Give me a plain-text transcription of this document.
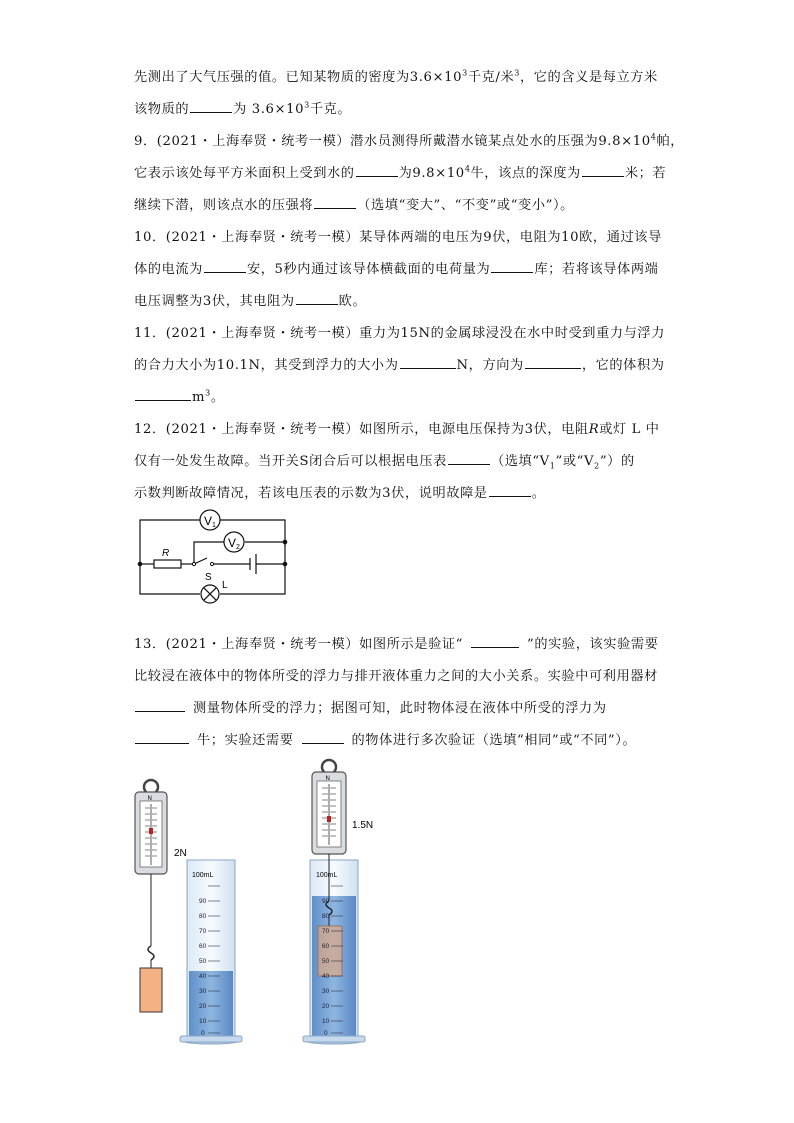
先测出了大气压强的值。已知某物质的密度为$3.6\times 10^3$千克/米$^3$，它的含义是每立方米
该物质的	为 $3.6\times 10^3$千克。
9．(2021・上海奉贤・统考一模）潜水员测得所戴潜水镜某点处水的压强为$9.8\times 10^4$帕，
它表示该处每平方米面积上受到水的	为$9.8\times 10^4$牛，该点的深度为	米；若
继续下潜，则该点水的压强将	（选填“变大”、“不变”或“变小”）。
10．(2021・上海奉贤・统考一模）某导体两端的电压为9伏，电阻为10欧，通过该导
体的电流为	安，5秒内通过该导体横截面的电荷量为	库；若将该导体两端
电压调整为3伏，其电阻为	欧。
11．(2021・上海奉贤・统考一模）重力为15N的金属球浸没在水中时受到重力与浮力
的合力大小为10.1N，其受到浮力的大小为	N，方向为	，它的体积为
$m^3$。
12．(2021・上海奉贤・统考一模）如图所示，电源电压保持为3伏，电阻R或灯 L 中
仅有一处发生故障。当开关S闭合后可以根据电压表	（选填“$V_1$”或“$V_2$”）的
示数判断故障情况，若该电压表的示数为3伏，说明故障是	。
V 1
V 2
R
S
L
13．(2021・上海奉贤・统考一模）如图所示是验证“	”的实验，该实验需要
比较浸在液体中的物体所受的浮力与排开液体重力之间的大小关系。实验中可利用器材
测量物体所受的浮力；据图可知，此时物体浸在液体中所受的浮力为
牛；实验还需要	的物体进行多次验证（选填“相同”或“不同”）。
N
2N
100mL
90
80
70
60
50
40
30
20
10
0
N
1.5N
100mL
90
80
70
60
50
40
30
20
10
0
